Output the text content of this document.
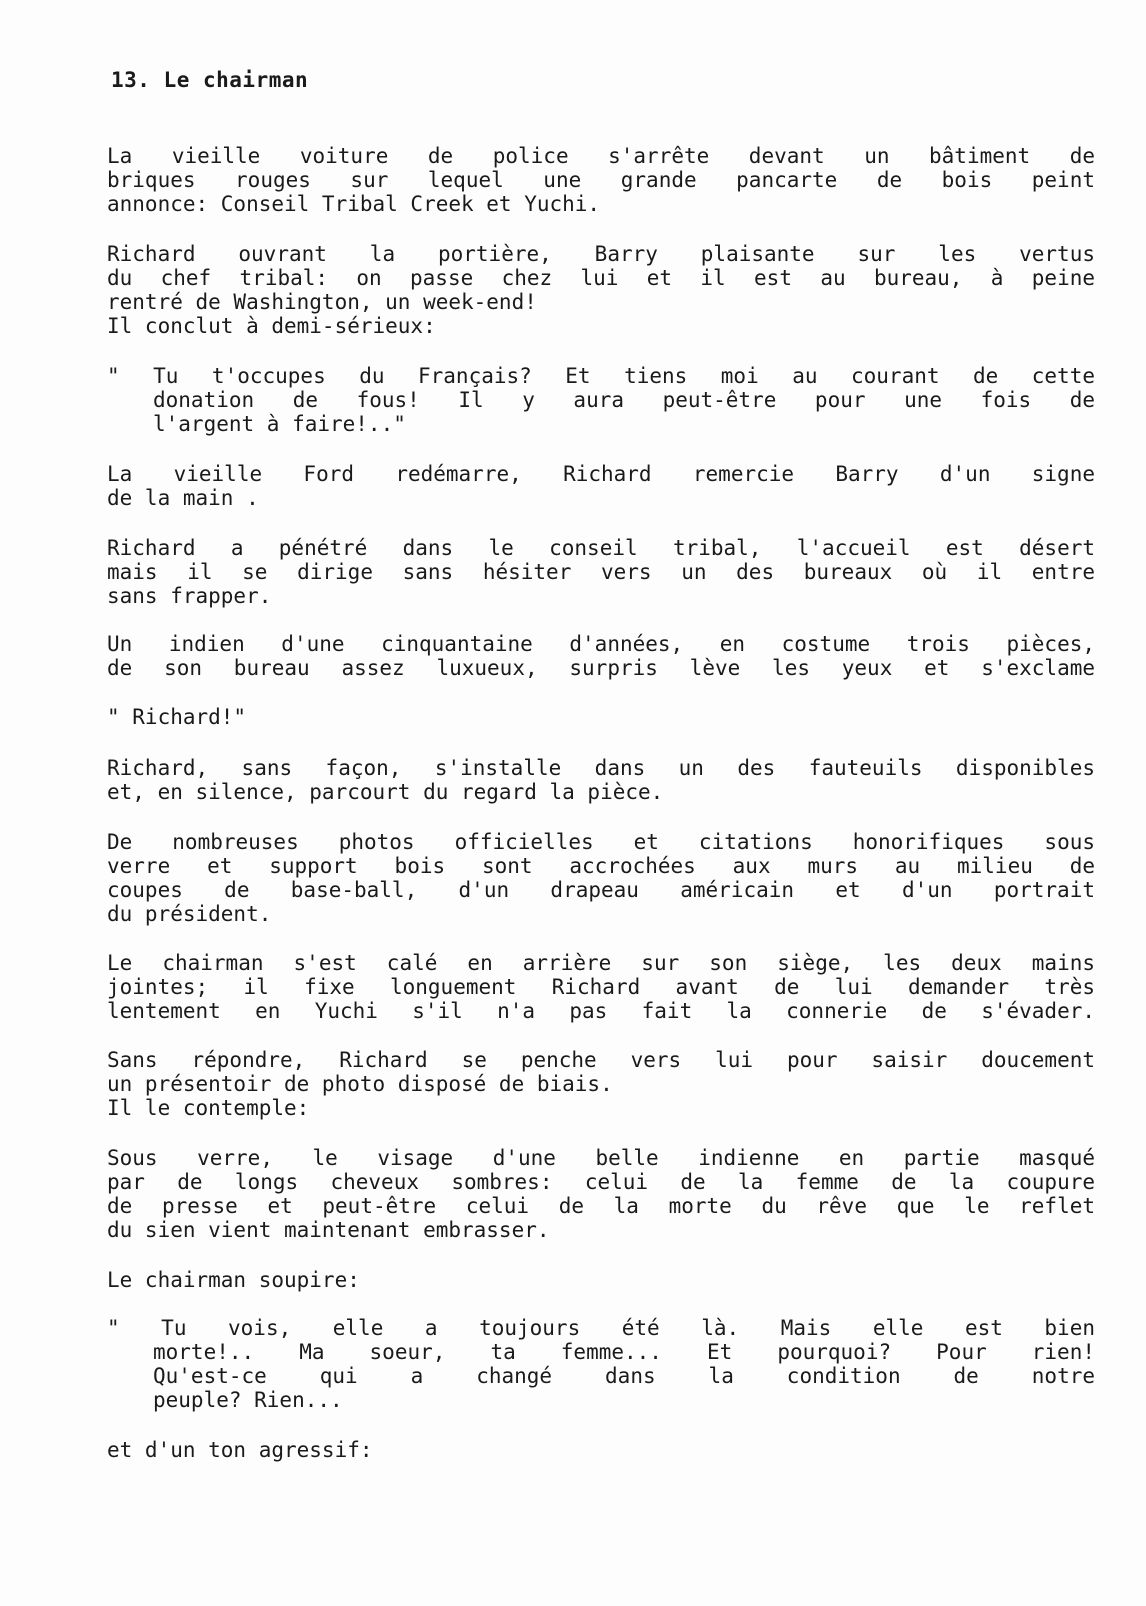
13. Le chairman
La vieille voiture de police s'arrête devant un bâtiment de
briques rouges sur lequel une grande pancarte de bois peint
annonce: Conseil Tribal Creek et Yuchi.
Richard ouvrant la portière, Barry plaisante sur les vertus
du chef tribal: on passe chez lui et il est au bureau, à peine
rentré de Washington, un week-end!
Il conclut à demi-sérieux:
" Tu t'occupes du Français? Et tiens moi au courant de cette
donation de fous! Il y aura peut-être pour une fois de
l'argent à faire!.."
La vieille Ford redémarre, Richard remercie Barry d'un signe
de la main .
Richard a pénétré dans le conseil tribal, l'accueil est désert
mais il se dirige sans hésiter vers un des bureaux où il entre
sans frapper.
Un indien d'une cinquantaine d'années, en costume trois pièces,
de son bureau assez luxueux, surpris lève les yeux et s'exclame
" Richard!"
Richard, sans façon, s'installe dans un des fauteuils disponibles
et, en silence, parcourt du regard la pièce.
De nombreuses photos officielles et citations honorifiques sous
verre et support bois sont accrochées aux murs au milieu de
coupes de base-ball, d'un drapeau américain et d'un portrait
du président.
Le chairman s'est calé en arrière sur son siège, les deux mains
jointes; il fixe longuement Richard avant de lui demander très
lentement en Yuchi s'il n'a pas fait la connerie de s'évader.
Sans répondre, Richard se penche vers lui pour saisir doucement
un présentoir de photo disposé de biais.
Il le contemple:
Sous verre, le visage d'une belle indienne en partie masqué
par de longs cheveux sombres: celui de la femme de la coupure
de presse et peut-être celui de la morte du rêve que le reflet
du sien vient maintenant embrasser.
Le chairman soupire:
" Tu vois, elle a toujours été là. Mais elle est bien
morte!.. Ma soeur, ta femme... Et pourquoi? Pour rien!
Qu'est-ce qui a changé dans la condition de notre
peuple? Rien...
et d'un ton agressif:
